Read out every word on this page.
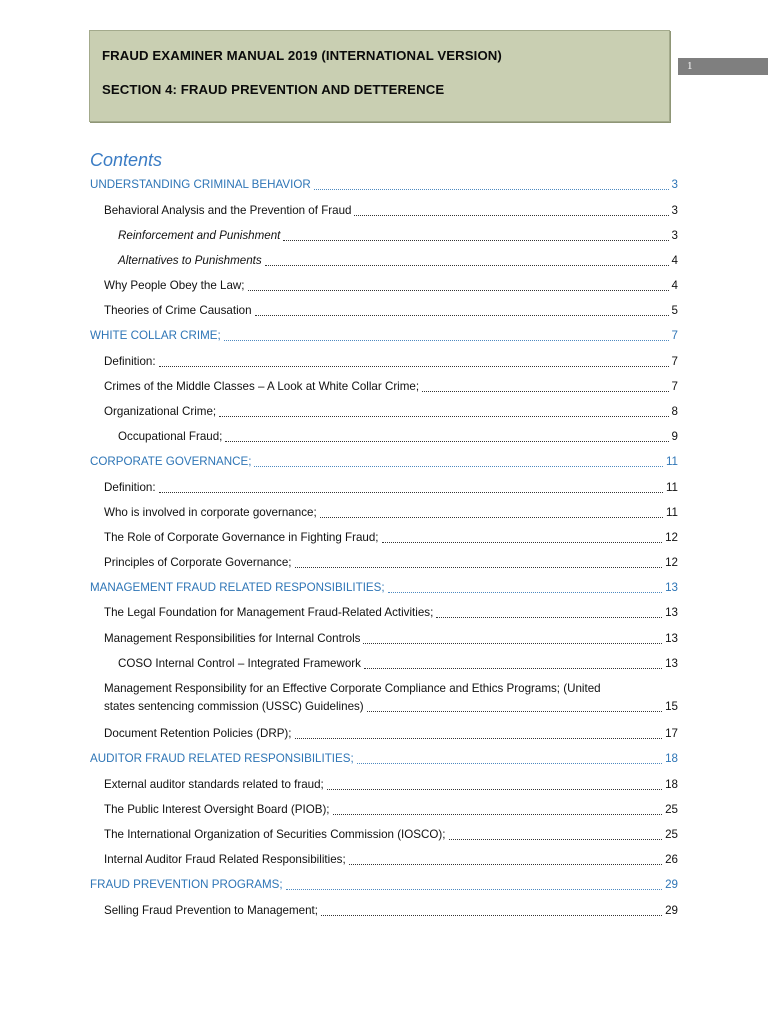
FRAUD EXAMINER MANUAL 2019 (INTERNATIONAL VERSION)
SECTION 4: FRAUD PREVENTION AND DETTERENCE
1
Contents
UNDERSTANDING CRIMINAL BEHAVIOR	3
Behavioral Analysis and the Prevention of Fraud	3
Reinforcement and Punishment	3
Alternatives to Punishments	4
Why People Obey the Law;	4
Theories of Crime Causation	5
WHITE COLLAR CRIME;	7
Definition:	7
Crimes of the Middle Classes – A Look at White Collar Crime;	7
Organizational Crime;	8
Occupational Fraud;	9
CORPORATE GOVERNANCE;	11
Definition:	11
Who is involved in corporate governance;	11
The Role of Corporate Governance in Fighting Fraud;	12
Principles of Corporate Governance;	12
MANAGEMENT FRAUD RELATED RESPONSIBILITIES;	13
The Legal Foundation for Management Fraud-Related Activities;	13
Management Responsibilities for Internal Controls	13
COSO Internal Control – Integrated Framework	13
Management Responsibility for an Effective Corporate Compliance and Ethics Programs; (United
states sentencing commission (USSC) Guidelines)	15
Document Retention Policies (DRP);	17
AUDITOR FRAUD RELATED RESPONSIBILITIES;	18
External auditor standards related to fraud;	18
The Public Interest Oversight Board (PIOB);	25
The International Organization of Securities Commission (IOSCO);	25
Internal Auditor Fraud Related Responsibilities;	26
FRAUD PREVENTION PROGRAMS;	29
Selling Fraud Prevention to Management;	29
